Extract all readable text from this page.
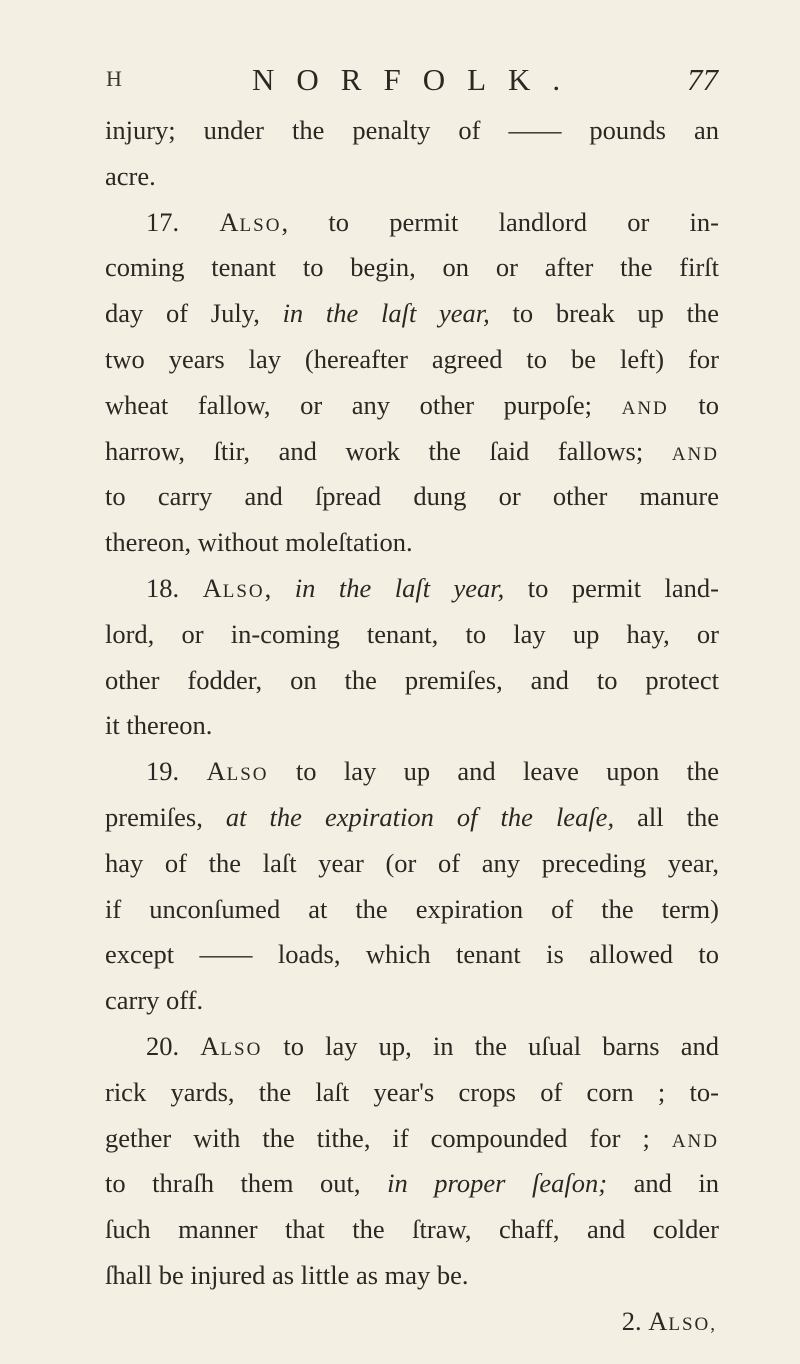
H	NORFOLK.	77
injury; under the penalty of —— pounds an
acre.
17. ALSO, to permit landlord or in-
coming tenant to begin, on or after the firſt
day of July, in the laſt year, to break up the
two years lay (hereafter agreed to be left) for
wheat fallow, or any other purpoſe; AND to
harrow, ſtir, and work the ſaid fallows; AND
to carry and ſpread dung or other manure
thereon, without moleſtation.
18. ALSO, in the laſt year, to permit land-
lord, or in-coming tenant, to lay up hay, or
other fodder, on the premiſes, and to protect
it thereon.
19. ALSO to lay up and leave upon the
premiſes, at the expiration of the leaſe, all the
hay of the laſt year (or of any preceding year,
if unconſumed at the expiration of the term)
except —— loads, which tenant is allowed to
carry off.
20. ALSO to lay up, in the uſual barns and
rick yards, the laſt year's crops of corn ; to-
gether with the tithe, if compounded for ; AND
to thraſh them out, in proper ſeaſon; and in
ſuch manner that the ſtraw, chaff, and colder
ſhall be injured as little as may be.
2. ALSO,
